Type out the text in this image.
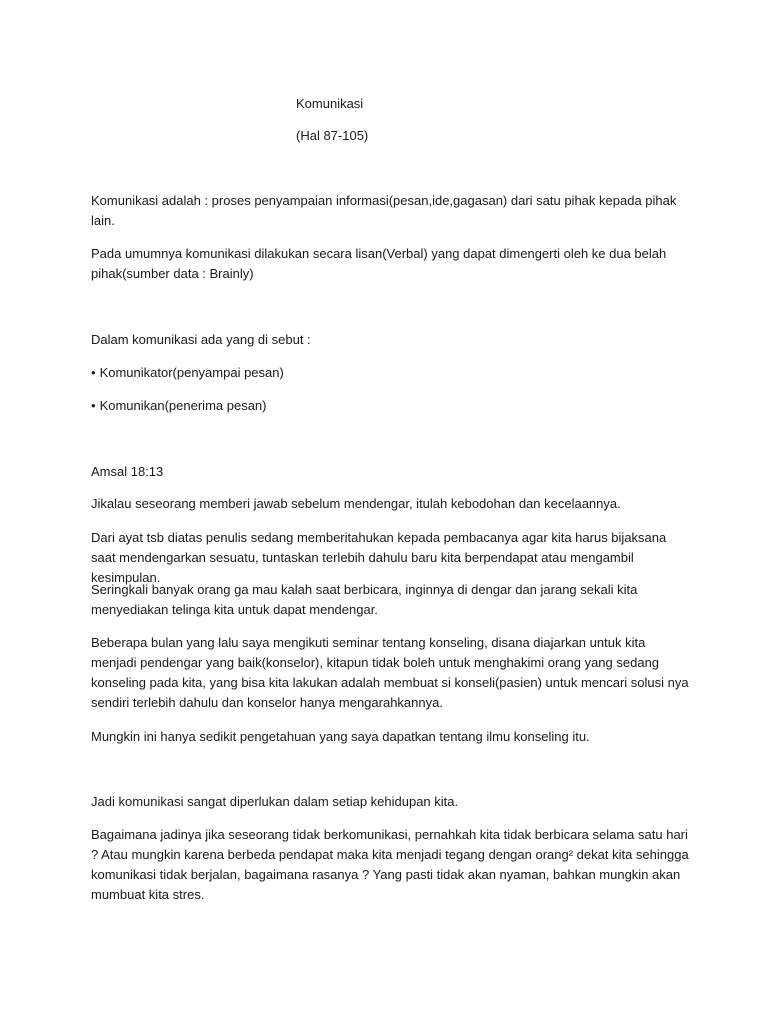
Komunikasi
(Hal 87-105)

Komunikasi adalah : proses penyampaian informasi(pesan,ide,gagasan) dari satu pihak kepada pihak lain.

Pada umumnya komunikasi dilakukan secara lisan(Verbal) yang dapat dimengerti oleh ke dua belah pihak(sumber data : Brainly)

Dalam komunikasi ada yang di sebut :

• Komunikator(penyampai pesan)

• Komunikan(penerima pesan)

Amsal 18:13

Jikalau seseorang memberi jawab sebelum mendengar, itulah kebodohan dan kecelaannya.

Dari ayat tsb diatas penulis sedang memberitahukan kepada pembacanya agar kita harus bijaksana saat mendengarkan sesuatu, tuntaskan terlebih dahulu baru kita berpendapat atau mengambil kesimpulan.

Seringkali banyak orang ga mau kalah saat berbicara, inginnya di dengar dan jarang sekali kita menyediakan telinga kita untuk dapat mendengar.

Beberapa bulan yang lalu saya mengikuti seminar tentang konseling, disana diajarkan untuk kita menjadi pendengar yang baik(konselor), kitapun tidak boleh untuk menghakimi orang yang sedang konseling pada kita, yang bisa kita lakukan adalah membuat si konseli(pasien) untuk mencari solusi nya sendiri terlebih dahulu dan konselor hanya mengarahkannya.

Mungkin ini hanya sedikit pengetahuan yang saya dapatkan tentang ilmu konseling itu.

Jadi komunikasi sangat diperlukan dalam setiap kehidupan kita.

Bagaimana jadinya jika seseorang tidak berkomunikasi, pernahkah kita tidak berbicara selama satu hari ? Atau mungkin karena berbeda pendapat maka kita menjadi tegang dengan orang² dekat kita sehingga komunikasi tidak berjalan, bagaimana rasanya ? Yang pasti tidak akan nyaman, bahkan mungkin akan mumbuat kita stres.
